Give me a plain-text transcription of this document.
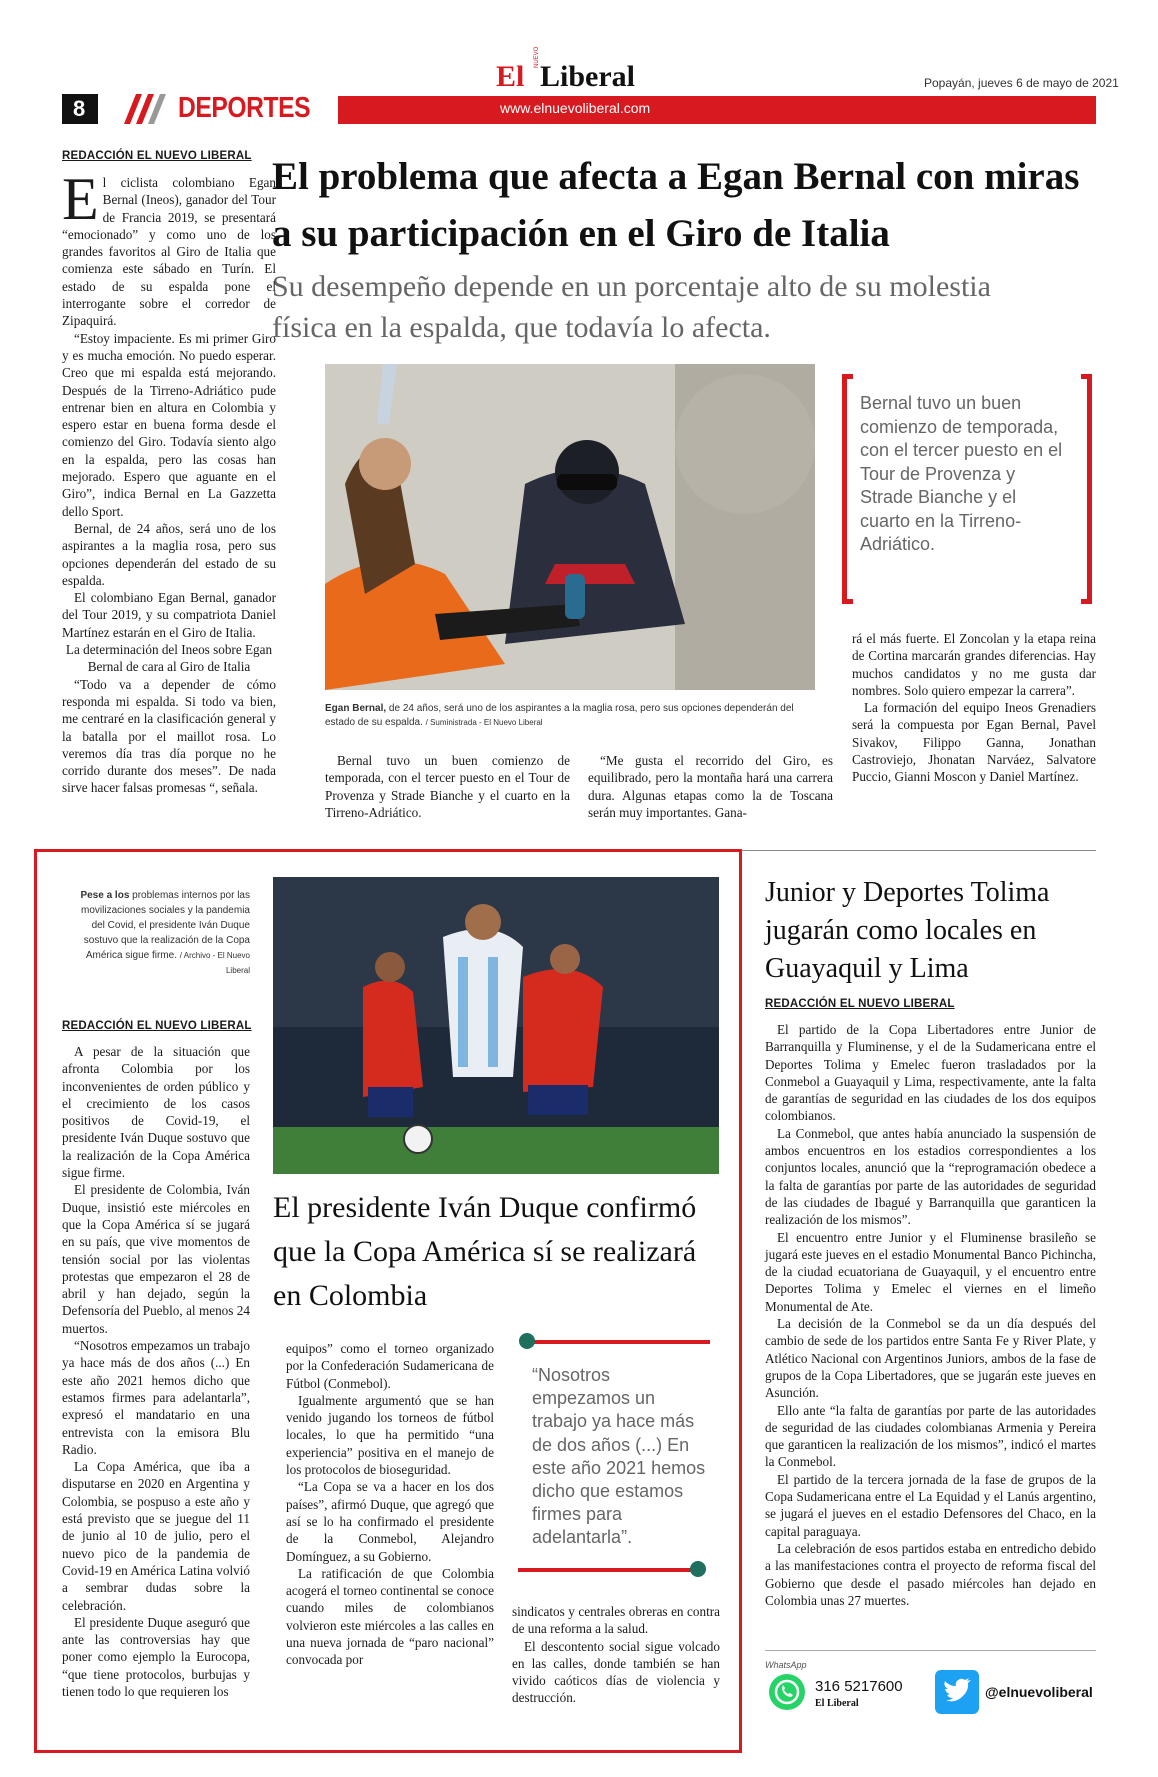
www.elnuevoliberal.com
8	DEPORTES
El
NUEVO
Liberal	Popayán, jueves 6 de mayo de 2021
REDACCIÓN EL NUEVO LIBERAL El problema que afecta a Egan Bernal con miras a su participación en el Giro de Italia
Su desempeño depende en un porcentaje alto de su molestia física en la espalda, que todavía lo afecta.
E l ciclista colombiano Egan Bernal (Ineos), ganador del Tour de Francia 2019, se presentará “emocionado” y como uno de los grandes favoritos al Giro de Italia que comienza este sábado en Turín. El estado de su espalda pone el interrogante sobre el corredor de Zipaquirá.

“Estoy impaciente. Es mi primer Giro y es mucha emoción. No puedo esperar. Creo que mi espalda está mejorando. Después de la Tirreno-Adriático pude entrenar bien en altura en Colombia y espero estar en buena forma desde el comienzo del Giro. Todavía siento algo en la espalda, pero las cosas han mejorado. Espero que aguante en el Giro”, indica Bernal en La Gazzetta dello Sport.

Bernal, de 24 años, será uno de los aspirantes a la maglia rosa, pero sus opciones dependerán del estado de su espalda.

El colombiano Egan Bernal, ganador del Tour 2019, y su compatriota Daniel Martínez estarán en el Giro de Italia.

La determinación del Ineos sobre Egan Bernal de cara al Giro de Italia

“Todo va a depender de cómo responda mi espalda. Si todo va bien, me centraré en la clasificación general y la batalla por el maillot rosa. Lo veremos día tras día porque no he corrido durante dos meses”. De nada sirve hacer falsas promesas “, señala.

Egan Bernal, de 24 años, será uno de los aspirantes a la maglia rosa, pero sus opciones dependerán del estado de su espalda. / Suministrada - El Nuevo Liberal
Bernal tuvo un buen comienzo de temporada, con el tercer puesto en el Tour de Provenza y Strade Bianche y el cuarto en la Tirreno-Adriático.

Bernal tuvo un buen comienzo de temporada, con el tercer puesto en el Tour de Provenza y Strade Bianche y el cuarto en la Tirreno-Adriático.

“Me gusta el recorrido del Giro, es equilibrado, pero la montaña hará una carrera dura. Algunas etapas como la de Toscana serán muy importantes. Gana-

rá el más fuerte. El Zoncolan y la etapa reina de Cortina marcarán grandes diferencias. Hay muchos candidatos y no me gusta dar nombres. Solo quiero empezar la carrera”.

La formación del equipo Ineos Grenadiers será la compuesta por Egan Bernal, Pavel Sivakov, Filippo Ganna, Jonathan Castroviejo, Jhonatan Narváez, Salvatore Puccio, Gianni Moscon y Daniel Martínez.

Pese a los problemas internos por las movilizaciones sociales y la pandemia del Covid, el presidente Iván Duque sostuvo que la realización de la Copa América sigue firme. / Archivo - El Nuevo Liberal
El presidente Iván Duque confirmó que la Copa América sí se realizará en Colombia
REDACCIÓN EL NUEVO LIBERAL

A pesar de la situación que afronta Colombia por los inconvenientes de orden público y el crecimiento de los casos positivos de Covid-19, el presidente Iván Duque sostuvo que la realización de la Copa América sigue firme.

El presidente de Colombia, Iván Duque, insistió este miércoles en que la Copa América sí se jugará en su país, que vive momentos de tensión social por las violentas protestas que empezaron el 28 de abril y han dejado, según la Defensoría del Pueblo, al menos 24 muertos.

“Nosotros empezamos un trabajo ya hace más de dos años (...) En este año 2021 hemos dicho que estamos firmes para adelantarla”, expresó el mandatario en una entrevista con la emisora Blu Radio.

La Copa América, que iba a disputarse en 2020 en Argentina y Colombia, se pospuso a este año y está previsto que se juegue del 11 de junio al 10 de julio, pero el nuevo pico de la pandemia de Covid-19 en América Latina volvió a sembrar dudas sobre la celebración.

El presidente Duque aseguró que ante las controversias hay que poner como ejemplo la Eurocopa, “que tiene protocolos, burbujas y tienen todo lo que requieren los

equipos” como el torneo organizado por la Confederación Sudamericana de Fútbol (Conmebol).

Igualmente argumentó que se han venido jugando los torneos de fútbol locales, lo que ha permitido “una experiencia” positiva en el manejo de los protocolos de bioseguridad.

“La Copa se va a hacer en los dos países”, afirmó Duque, que agregó que así se lo ha confirmado el presidente de la Conmebol, Alejandro Domínguez, a su Gobierno.

La ratificación de que Colombia acogerá el torneo continental se conoce cuando miles de colombianos volvieron este miércoles a las calles en una nueva jornada de “paro nacional” convocada por

“Nosotros empezamos un trabajo ya hace más de dos años (...) En este año 2021 hemos dicho que estamos firmes para adelantarla”.

sindicatos y centrales obreras en contra de una reforma a la salud.

El descontento social sigue volcado en las calles, donde también se han vivido caóticos días de violencia y destrucción.

Junior y Deportes Tolima jugarán como locales en Guayaquil y Lima
REDACCIÓN EL NUEVO LIBERAL

El partido de la Copa Libertadores entre Junior de Barranquilla y Fluminense, y el de la Sudamericana entre el Deportes Tolima y Emelec fueron trasladados por la Conmebol a Guayaquil y Lima, respectivamente, ante la falta de garantías de seguridad en las ciudades de los dos equipos colombianos.

La Conmebol, que antes había anunciado la suspensión de ambos encuentros en los estadios correspondientes a los conjuntos locales, anunció que la “reprogramación obedece a la falta de garantías por parte de las autoridades de seguridad de las ciudades de Ibagué y Barranquilla que garanticen la realización de los mismos”.

El encuentro entre Junior y el Fluminense brasileño se jugará este jueves en el estadio Monumental Banco Pichincha, de la ciudad ecuatoriana de Guayaquil, y el encuentro entre Deportes Tolima y Emelec el viernes en el limeño Monumental de Ate.

La decisión de la Conmebol se da un día después del cambio de sede de los partidos entre Santa Fe y River Plate, y Atlético Nacional con Argentinos Juniors, ambos de la fase de grupos de la Copa Libertadores, que se jugarán este jueves en Asunción.

Ello ante “la falta de garantías por parte de las autoridades de seguridad de las ciudades colombianas Armenia y Pereira que garanticen la realización de los mismos”, indicó el martes la Conmebol.

El partido de la tercera jornada de la fase de grupos de la Copa Sudamericana entre el La Equidad y el Lanús argentino, se jugará el jueves en el estadio Defensores del Chaco, en la capital paraguaya.

La celebración de esos partidos estaba en entredicho debido a las manifestaciones contra el proyecto de reforma fiscal del Gobierno que desde el pasado miércoles han dejado en Colombia unas 27 muertes.

WhatsApp
316 5217600
El Liberal
@elnuevoliberal
